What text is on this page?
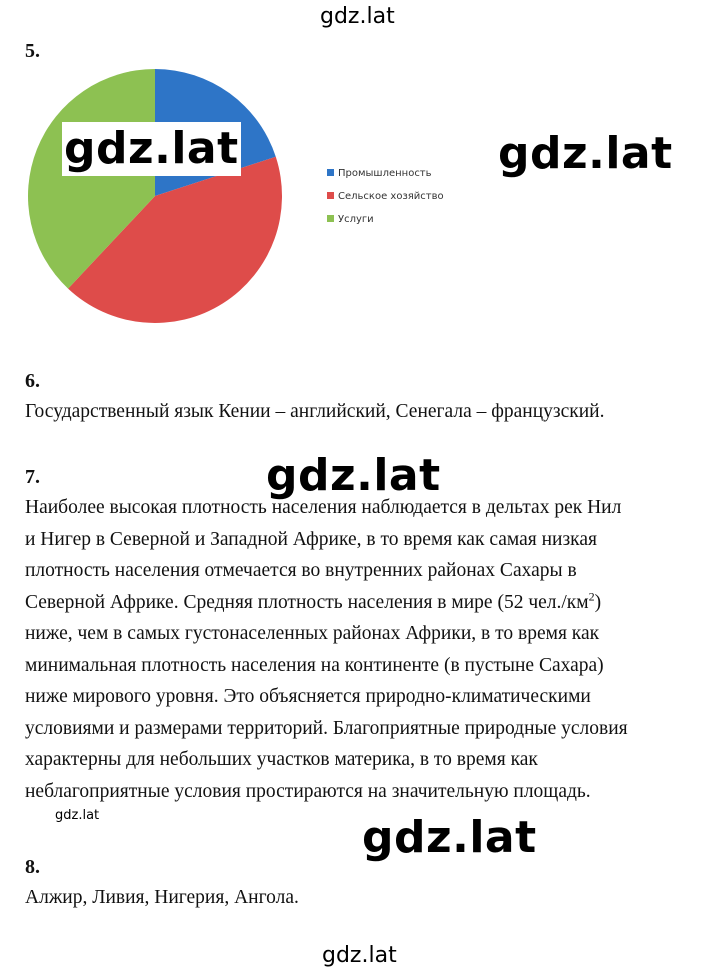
gdz.lat
5.
Промышленность
Сельское хозяйство
Услуги
gdz.lat	gdz.lat
6.
Государственный язык Кении – английский, Сенегала – французский.
gdz.lat
7.
Наиболее высокая плотность населения наблюдается в дельтах рек Нил
и Нигер в Северной и Западной Африке, в то время как самая низкая
плотность населения отмечается во внутренних районах Сахары в
Северной Африке. Средняя плотность населения в мире (52 $чел./км^2$)
ниже, чем в самых густонаселенных районах Африки, в то время как
минимальная плотность населения на континенте (в пустыне Сахара)
ниже мирового уровня. Это объясняется природно-климатическими
условиями и размерами территорий. Благоприятные природные условия
характерны для небольших участков материка, в то время как
неблагоприятные условия простираются на значительную площадь.
gdz.lat	gdz.lat
8.
Алжир, Ливия, Нигерия, Ангола.
gdz.lat
